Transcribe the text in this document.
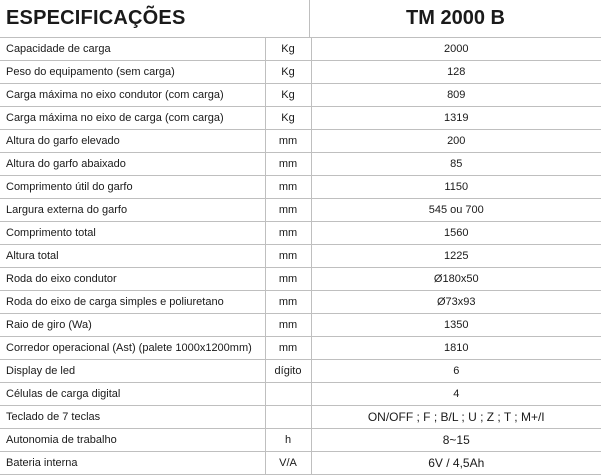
ESPECIFICAÇÕES	TM 2000 B
Capacidade de carga	Kg	2000
Peso do equipamento (sem carga)	Kg	128
Carga máxima no eixo condutor (com carga)	Kg	809
Carga máxima no eixo de carga (com carga)	Kg	1319
Altura do garfo elevado	mm	200
Altura do garfo abaixado	mm	85
Comprimento útil do garfo	mm	1150
Largura externa do garfo	mm	545 ou 700
Comprimento total	mm	1560
Altura total	mm	1225
Roda do eixo condutor	mm	Ø180x50
Roda do eixo de carga simples e poliuretano	mm	Ø73x93
Raio de giro (Wa)	mm	1350
Corredor operacional (Ast) (palete 1000x1200mm)	mm	1810
Display de led	dígito	6
Células de carga digital		4
Teclado de 7 teclas		ON/OFF ; F ; B/L ; U ; Z ; T ; M+/I
Autonomia de trabalho	h	8~15
Bateria interna	V/A	6V / 4,5Ah
